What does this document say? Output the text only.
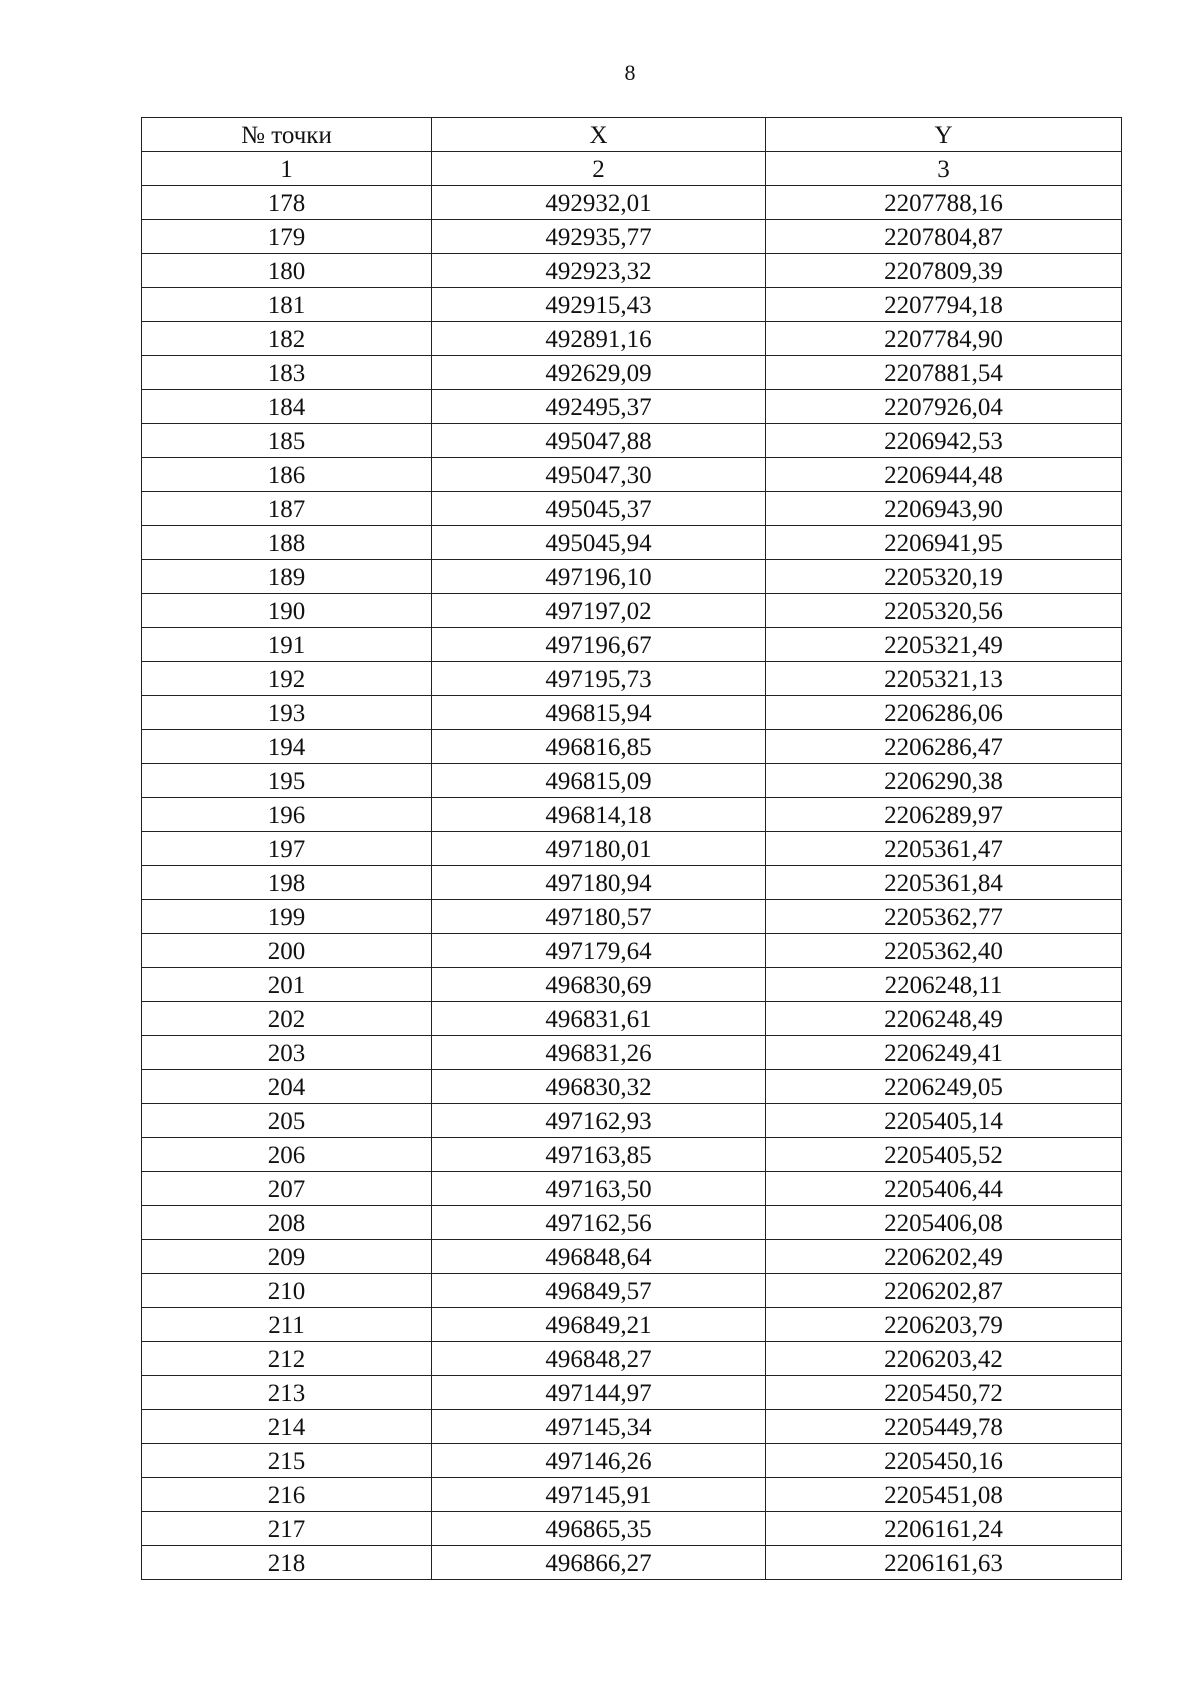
8
№ точки	X	Y
1	2	3
178	492932,01	2207788,16
179	492935,77	2207804,87
180	492923,32	2207809,39
181	492915,43	2207794,18
182	492891,16	2207784,90
183	492629,09	2207881,54
184	492495,37	2207926,04
185	495047,88	2206942,53
186	495047,30	2206944,48
187	495045,37	2206943,90
188	495045,94	2206941,95
189	497196,10	2205320,19
190	497197,02	2205320,56
191	497196,67	2205321,49
192	497195,73	2205321,13
193	496815,94	2206286,06
194	496816,85	2206286,47
195	496815,09	2206290,38
196	496814,18	2206289,97
197	497180,01	2205361,47
198	497180,94	2205361,84
199	497180,57	2205362,77
200	497179,64	2205362,40
201	496830,69	2206248,11
202	496831,61	2206248,49
203	496831,26	2206249,41
204	496830,32	2206249,05
205	497162,93	2205405,14
206	497163,85	2205405,52
207	497163,50	2205406,44
208	497162,56	2205406,08
209	496848,64	2206202,49
210	496849,57	2206202,87
211	496849,21	2206203,79
212	496848,27	2206203,42
213	497144,97	2205450,72
214	497145,34	2205449,78
215	497146,26	2205450,16
216	497145,91	2205451,08
217	496865,35	2206161,24
218	496866,27	2206161,63
